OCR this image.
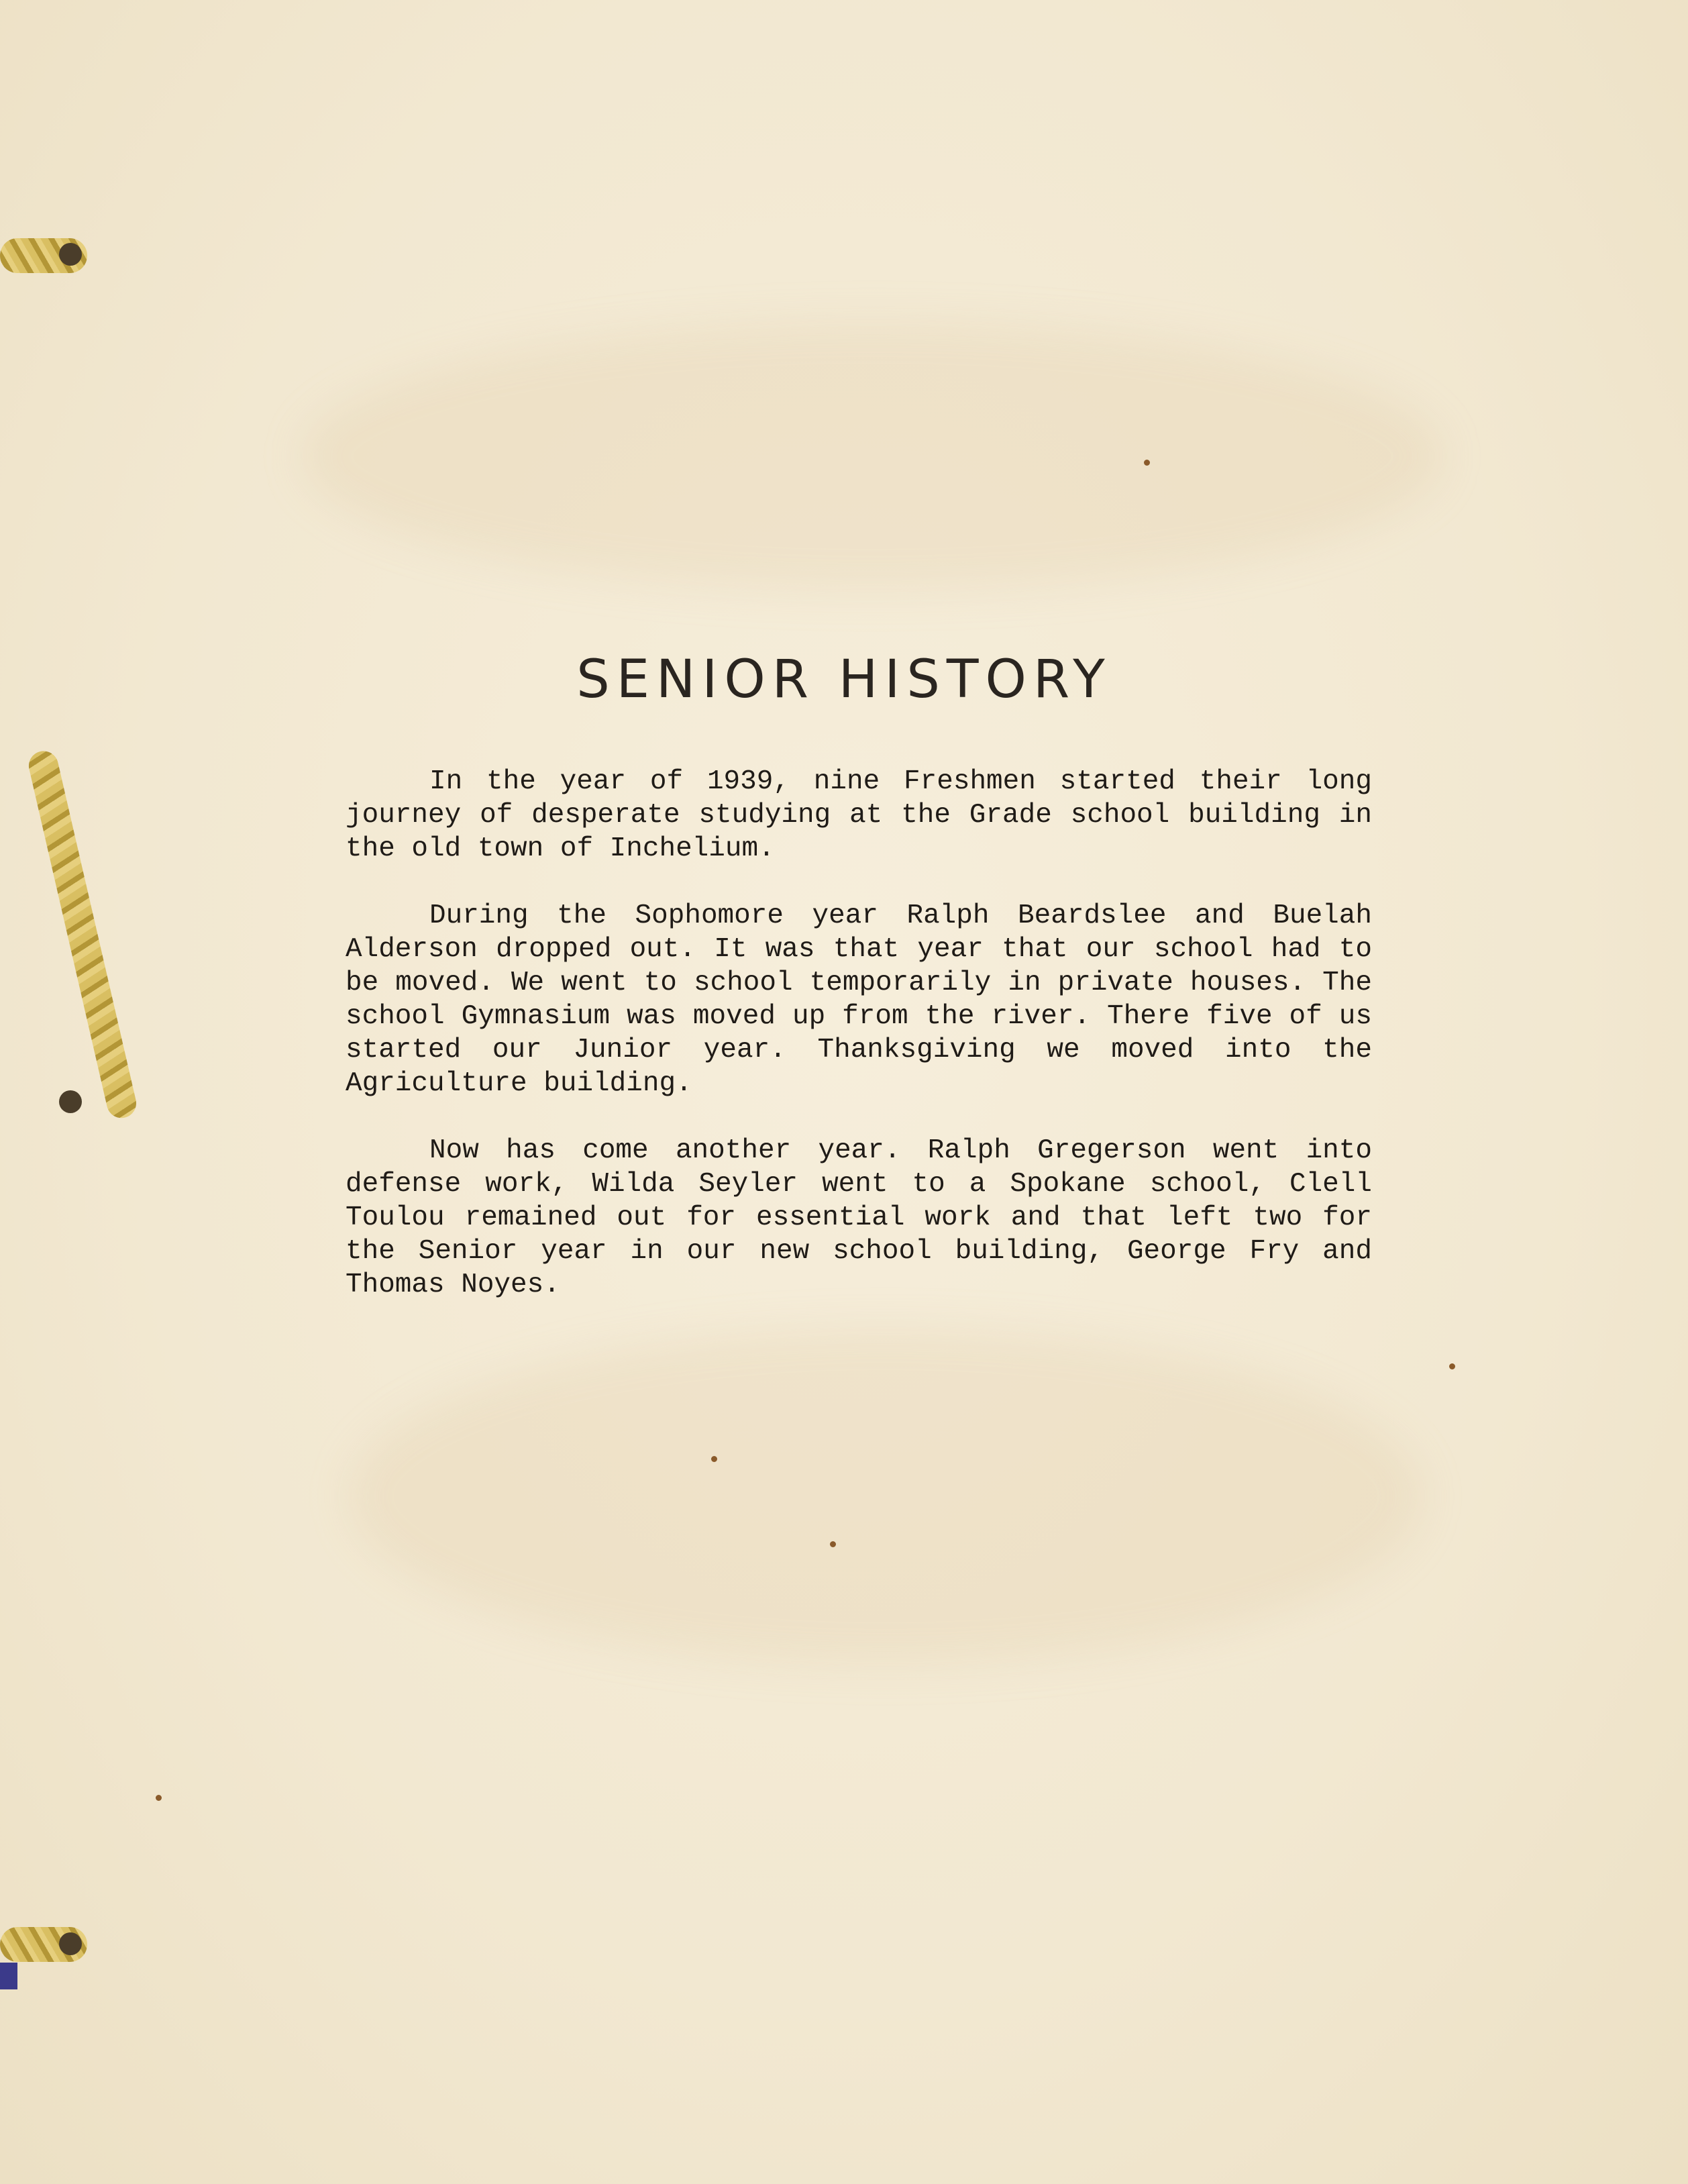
SENIOR HISTORY

In the year of 1939, nine Freshmen started their long journey of desperate studying at the Grade school building in the old town of Inchelium.

During the Sophomore year Ralph Beardslee and Buelah Alderson dropped out. It was that year that our school had to be moved. We went to school temporarily in private houses. The school Gymnasium was moved up from the river. There five of us started our Junior year. Thanksgiving we moved into the Agriculture building.

Now has come another year. Ralph Gregerson went into defense work, Wilda Seyler went to a Spokane school, Clell Toulou remained out for essential work and that left two for the Senior year in our new school building, George Fry and Thomas Noyes.
